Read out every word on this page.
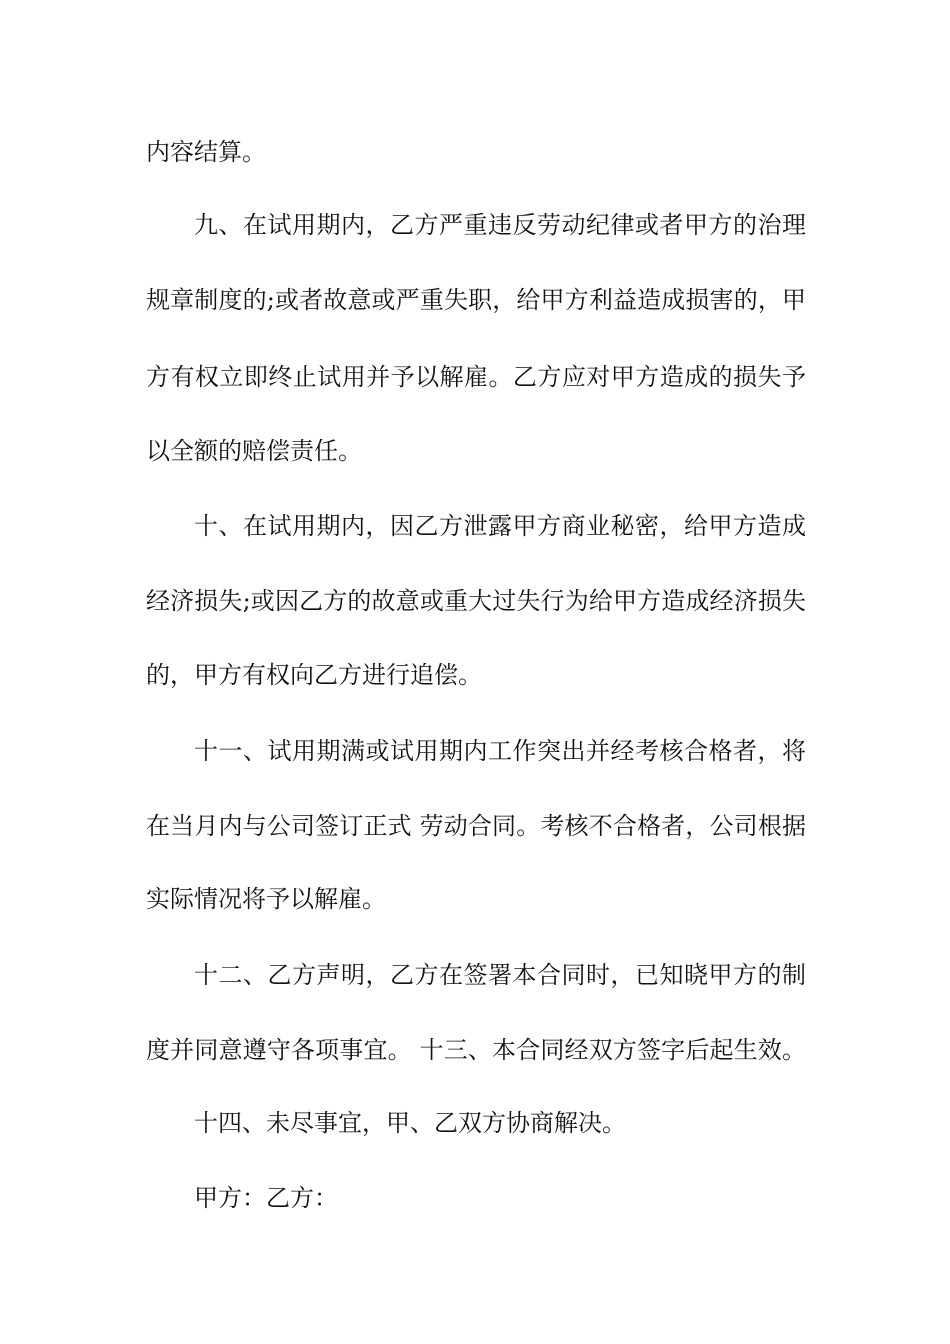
内容结算。
九、在试用期内，乙方严重违反劳动纪律或者甲方的治理
规章制度的;或者故意或严重失职，给甲方利益造成损害的，甲
方有权立即终止试用并予以解雇。乙方应对甲方造成的损失予
以全额的赔偿责任。
十、在试用期内，因乙方泄露甲方商业秘密，给甲方造成
经济损失;或因乙方的故意或重大过失行为给甲方造成经济损失
的，甲方有权向乙方进行追偿。
十一、试用期满或试用期内工作突出并经考核合格者，将
在当月内与公司签订正式 劳动合同。考核不合格者，公司根据
实际情况将予以解雇。
十二、乙方声明，乙方在签署本合同时，已知晓甲方的制
度并同意遵守各项事宜。 十三、本合同经双方签字后起生效。
十四、未尽事宜，甲、乙双方协商解决。
甲方：乙方：
